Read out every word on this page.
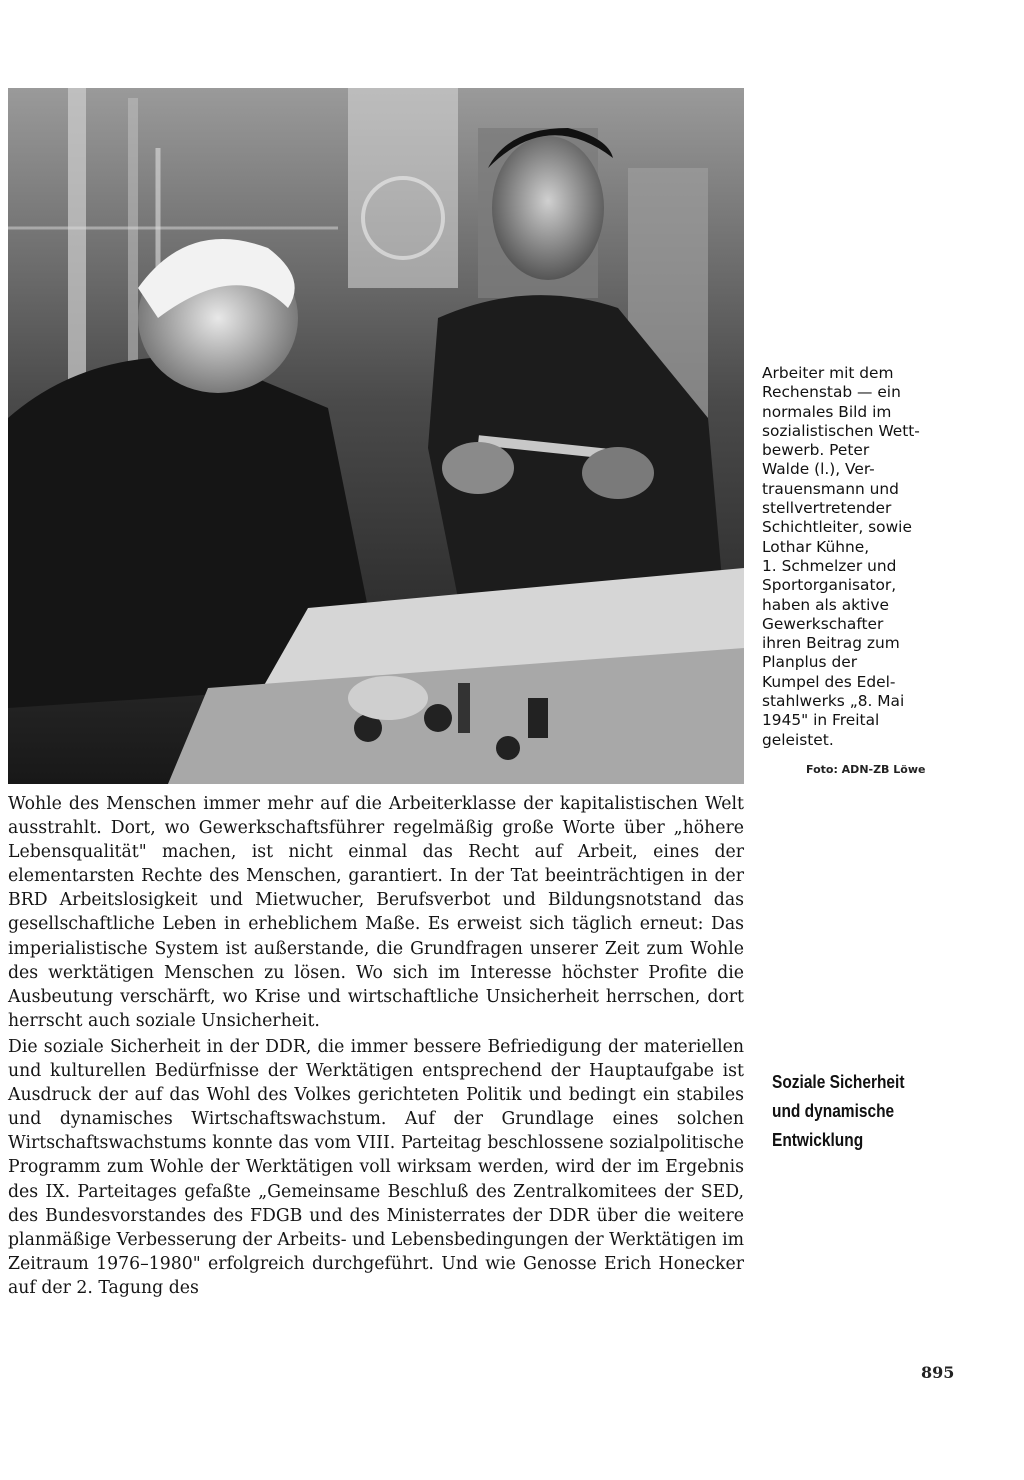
Arbeiter mit dem
Rechenstab — ein
normales Bild im
sozialistischen Wett-
bewerb. Peter
Walde (l.), Ver-
trauensmann und
stellvertretender
Schichtleiter, sowie
Lothar Kühne,
1. Schmelzer und
Sportorganisator,
haben als aktive
Gewerkschafter
ihren Beitrag zum
Planplus der
Kumpel des Edel-
stahlwerks „8. Mai
1945" in Freital
geleistet.
Foto: ADN-ZB Löwe

Wohle des Menschen immer mehr auf die Arbeiterklasse der kapitalistischen Welt ausstrahlt. Dort, wo Gewerkschaftsführer regelmäßig große Worte über „höhere Lebensqualität" machen, ist nicht einmal das Recht auf Arbeit, eines der elementarsten Rechte des Menschen, garantiert. In der Tat beeinträchtigen in der BRD Arbeitslosigkeit und Mietwucher, Berufsverbot und Bildungsnotstand das gesellschaftliche Leben in erheblichem Maße. Es erweist sich täglich erneut: Das imperialistische System ist außerstande, die Grundfragen unserer Zeit zum Wohle des werktätigen Menschen zu lösen. Wo sich im Interesse höchster Profite die Ausbeutung verschärft, wo Krise und wirtschaftliche Unsicherheit herrschen, dort herrscht auch soziale Unsicherheit.

Die soziale Sicherheit in der DDR, die immer bessere Befriedigung der materiellen und kulturellen Bedürfnisse der Werktätigen entsprechend der Hauptaufgabe ist Ausdruck der auf das Wohl des Volkes gerichteten Politik und bedingt ein stabiles und dynamisches Wirtschaftswachstum. Auf der Grundlage eines solchen Wirtschaftswachstums konnte das vom VIII. Parteitag beschlossene sozialpolitische Programm zum Wohle der Werktätigen voll wirksam werden, wird der im Ergebnis des IX. Parteitages gefaßte „Gemeinsame Beschluß des Zentralkomitees der SED, des Bundesvorstandes des FDGB und des Ministerrates der DDR über die weitere planmäßige Verbesserung der Arbeits- und Lebensbedingungen der Werktätigen im Zeitraum 1976–1980" erfolgreich durchgeführt. Und wie Genosse Erich Honecker auf der 2. Tagung des

Soziale Sicherheit
und dynamische
Entwicklung
895
